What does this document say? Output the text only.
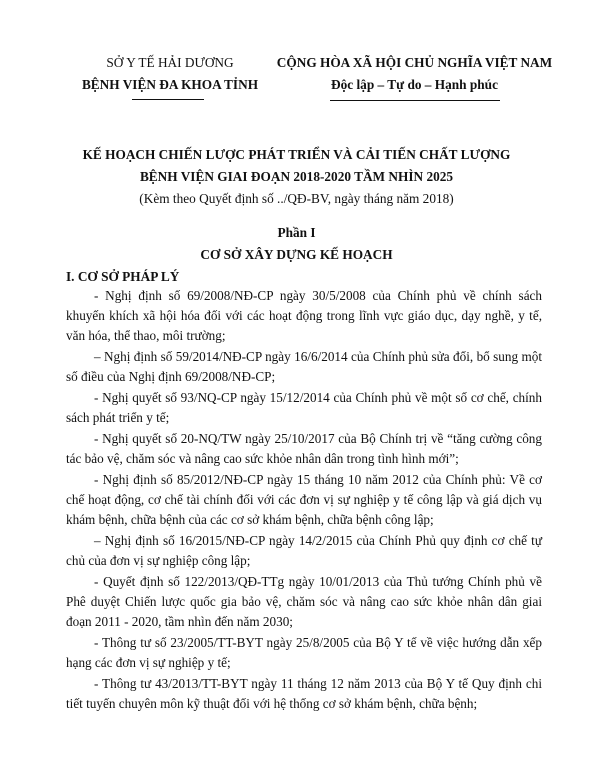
SỞ Y TẾ HẢI DƯƠNG
BỆNH VIỆN ĐA KHOA TỈNH
CỘNG HÒA XÃ HỘI CHỦ NGHĨA VIỆT NAM
Độc lập – Tự do – Hạnh phúc
KẾ HOẠCH CHIẾN LƯỢC PHÁT TRIỂN VÀ CẢI TIẾN CHẤT LƯỢNG
BỆNH VIỆN GIAI ĐOẠN 2018-2020 TẦM NHÌN 2025
(Kèm theo Quyết định số ../QĐ-BV, ngày tháng năm 2018)
Phần I
CƠ SỞ XÂY DỰNG KẾ HOẠCH
I. CƠ SỞ PHÁP LÝ

- Nghị định số 69/2008/NĐ-CP ngày 30/5/2008 của Chính phủ về chính sách khuyến khích xã hội hóa đối với các hoạt động trong lĩnh vực giáo dục, dạy nghề, y tế, văn hóa, thể thao, môi trường;

– Nghị định số 59/2014/NĐ-CP ngày 16/6/2014 của Chính phủ sửa đổi, bổ sung một số điều của Nghị định 69/2008/NĐ-CP;

- Nghị quyết số 93/NQ-CP ngày 15/12/2014 của Chính phủ về một số cơ chế, chính sách phát triển y tế;

- Nghị quyết số 20-NQ/TW ngày 25/10/2017 của Bộ Chính trị về “tăng cường công tác bảo vệ, chăm sóc và nâng cao sức khỏe nhân dân trong tình hình mới”;

- Nghị định số 85/2012/NĐ-CP ngày 15 tháng 10 năm 2012 của Chính phủ: Về cơ chế hoạt động, cơ chế tài chính đối với các đơn vị sự nghiệp y tế công lập và giá dịch vụ khám bệnh, chữa bệnh của các cơ sở khám bệnh, chữa bệnh công lập;

– Nghị định số 16/2015/NĐ-CP ngày 14/2/2015 của Chính Phủ quy định cơ chế tự chủ của đơn vị sự nghiệp công lập;

- Quyết định số 122/2013/QĐ-TTg ngày 10/01/2013 của Thủ tướng Chính phủ về Phê duyệt Chiến lược quốc gia bảo vệ, chăm sóc và nâng cao sức khỏe nhân dân giai đoạn 2011 - 2020, tầm nhìn đến năm 2030;

- Thông tư số 23/2005/TT-BYT ngày 25/8/2005 của Bộ Y tế về việc hướng dẫn xếp hạng các đơn vị sự nghiệp y tế;

- Thông tư 43/2013/TT-BYT ngày 11 tháng 12 năm 2013 của Bộ Y tế Quy định chi tiết tuyến chuyên môn kỹ thuật đối với hệ thống cơ sở khám bệnh, chữa bệnh;
